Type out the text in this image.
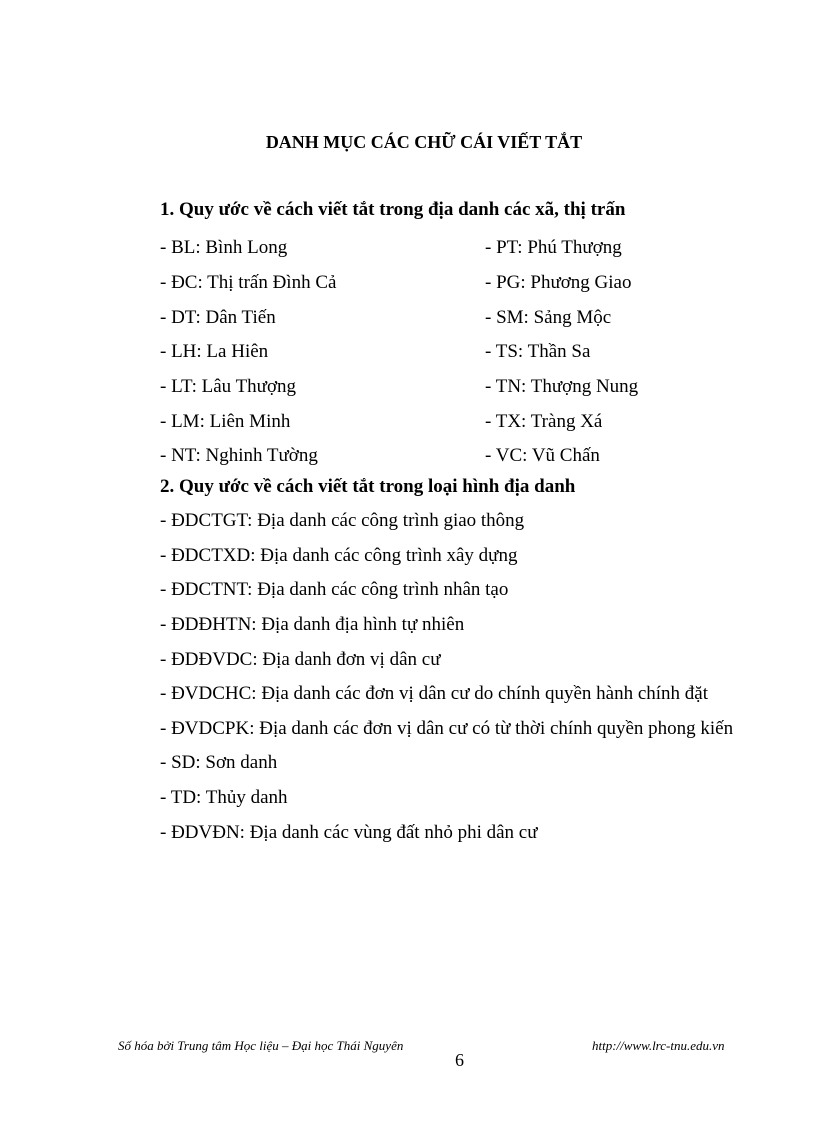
DANH MỤC CÁC CHỮ CÁI VIẾT TẮT
1. Quy ước về cách viết tắt trong địa danh các xã, thị trấn
- BL: Bình Long	- PT: Phú Thượng
- ĐC: Thị trấn Đình Cả	- PG: Phương Giao
- DT: Dân Tiến	- SM: Sảng Mộc
- LH: La Hiên	- TS: Thần Sa
- LT: Lâu Thượng	- TN: Thượng Nung
- LM: Liên Minh	- TX: Tràng Xá
- NT: Nghinh Tường	- VC: Vũ Chấn
2. Quy ước về cách viết tắt trong loại hình địa danh
- ĐDCTGT: Địa danh các công trình giao thông
- ĐDCTXD: Địa danh các công trình xây dựng
- ĐDCTNT: Địa danh các công trình nhân tạo
- ĐDĐHTN: Địa danh địa hình tự nhiên
- ĐDĐVDC: Địa danh đơn vị dân cư
- ĐVDCHC: Địa danh các đơn vị dân cư do chính quyền hành chính đặt
- ĐVDCPK: Địa danh các đơn vị dân cư có từ thời chính quyền phong kiến
- SD: Sơn danh
- TD: Thủy danh
- ĐDVĐN: Địa danh các vùng đất nhỏ phi dân cư
Số hóa bởi Trung tâm Học liệu – Đại học Thái Nguyên	http://www.lrc-tnu.edu.vn
6
